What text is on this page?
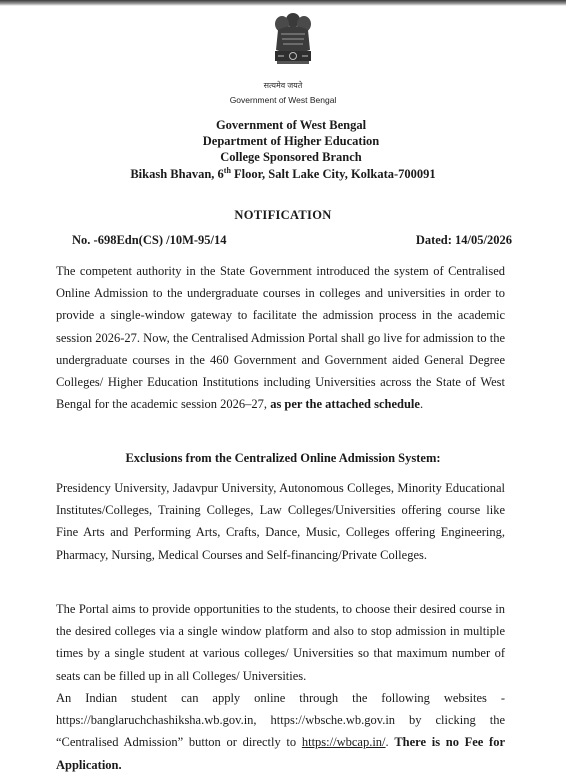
सत्यमेव जयते
Government of West Bengal
Government of West Bengal
Department of Higher Education
College Sponsored Branch
Bikash Bhavan, 6th Floor, Salt Lake City, Kolkata-700091
NOTIFICATION
No. -698Edn(CS) /10M-95/14	Dated: 14/05/2026
The competent authority in the State Government introduced the system of Centralised Online Admission to the undergraduate courses in colleges and universities in order to provide a single-window gateway to facilitate the admission process in the academic session 2026-27. Now, the Centralised Admission Portal shall go live for admission to the undergraduate courses in the 460 Government and Government aided General Degree Colleges/ Higher Education Institutions including Universities across the State of West Bengal for the academic session 2026–27, as per the attached schedule.
Exclusions from the Centralized Online Admission System:
Presidency University, Jadavpur University, Autonomous Colleges, Minority Educational Institutes/Colleges, Training Colleges, Law Colleges/Universities offering course like Fine Arts and Performing Arts, Crafts, Dance, Music, Colleges offering Engineering, Pharmacy, Nursing, Medical Courses and Self-financing/Private Colleges.
The Portal aims to provide opportunities to the students, to choose their desired course in the desired colleges via a single window platform and also to stop admission in multiple times by a single student at various colleges/ Universities so that maximum number of seats can be filled up in all Colleges/ Universities.
An Indian student can apply online through the following websites - https://banglaruchchashiksha.wb.gov.in, https://wbsche.wb.gov.in by clicking the “Centralised Admission” button or directly to https://wbcap.in/. There is no Fee for Application.
